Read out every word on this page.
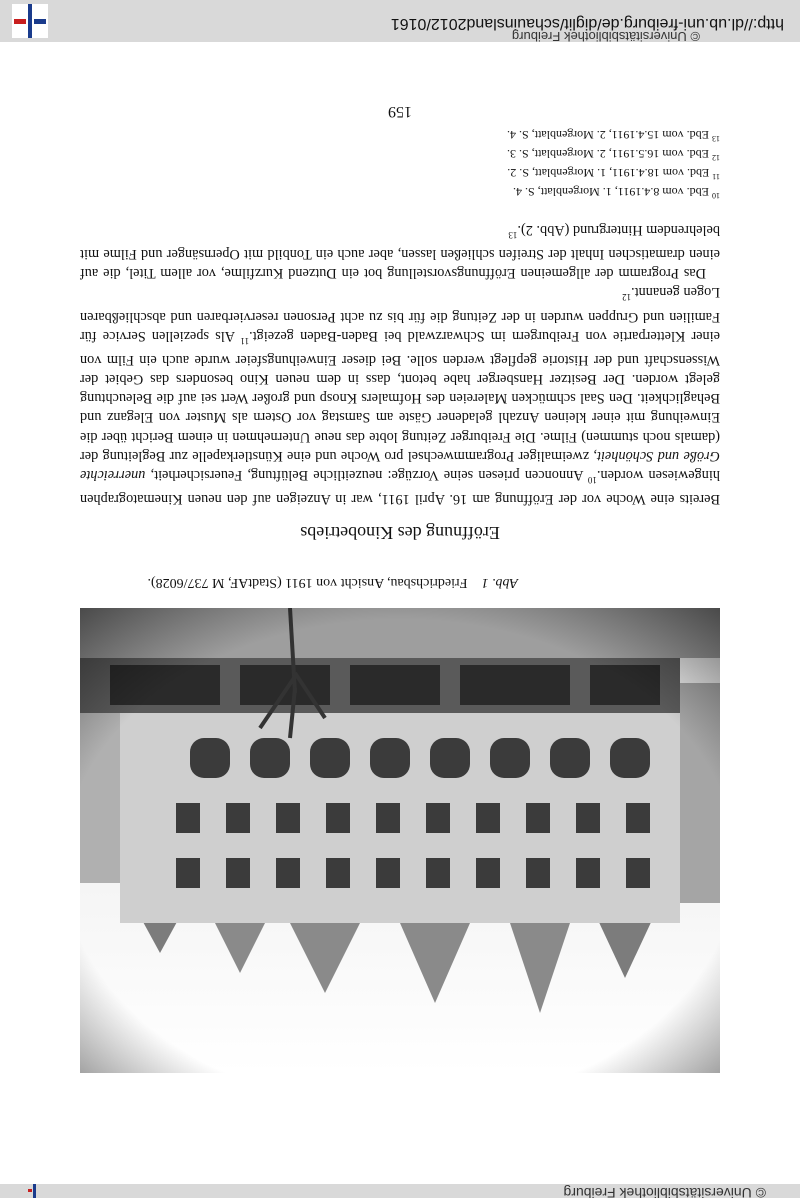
http://dl.ub.uni-freiburg.de/diglit/schauinsland2012/0161
© Universitätsbibliothek Freiburg
© Universitätsbibliothek Freiburg
Abb. 1Friedrichsbau, Ansicht von 1911 (StadtAF, M 737/6028).
Eröffnung des Kinobetriebs

Bereits eine Woche vor der Eröffnung am 16. April 1911, war in Anzeigen auf den neuen Kinematographen hingewiesen worden.$^{10}$ Annoncen priesen seine Vorzüge: neuzeitliche Belüftung, Feuersicherheit, unerreichte Größe und Schönheit, zweimaliger Programmwechsel pro Woche und eine Künstlerkapelle zur Begleitung der (damals noch stummen) Filme. Die Freiburger Zeitung lobte das neue Unternehmen in einem Bericht über die Einweihung mit einer kleinen Anzahl geladener Gäste am Samstag vor Ostern als Muster von Eleganz und Behaglichkeit. Den Saal schmücken Malereien des Hofmalers Knosp und großer Wert sei auf die Beleuchtung gelegt worden. Der Besitzer Hansberger habe betont, dass in dem neuen Kino besonders das Gebiet der Wissenschaft und der Historie gepflegt werden solle. Bei dieser Einweihungsfeier wurde auch ein Film von einer Kletterpartie von Freiburgern im Schwarzwald bei Baden-Baden gezeigt.$^{11}$ Als speziellen Service für Familien und Gruppen wurden in der Zeitung die für bis zu acht Personen reservierbaren und abschließbaren Logen genannt.$^{12}$

Das Programm der allgemeinen Eröffnungsvorstellung bot ein Dutzend Kurzfilme, vor allem Titel, die auf einen dramatischen Inhalt der Streifen schließen lassen, aber auch ein Tonbild mit Opernsänger und Filme mit belehrendem Hintergrund (Abb. 2).$^{13}$

$^{10}$Ebd. vom 8.4.1911, 1. Morgenblatt, S. 4.
$^{11}$Ebd. vom 18.4.1911, 1. Morgenblatt, S. 2.
$^{12}$Ebd. vom 16.5.1911, 2. Morgenblatt, S. 3.
$^{13}$Ebd. vom 15.4.1911, 2. Morgenblatt, S. 4.
159
